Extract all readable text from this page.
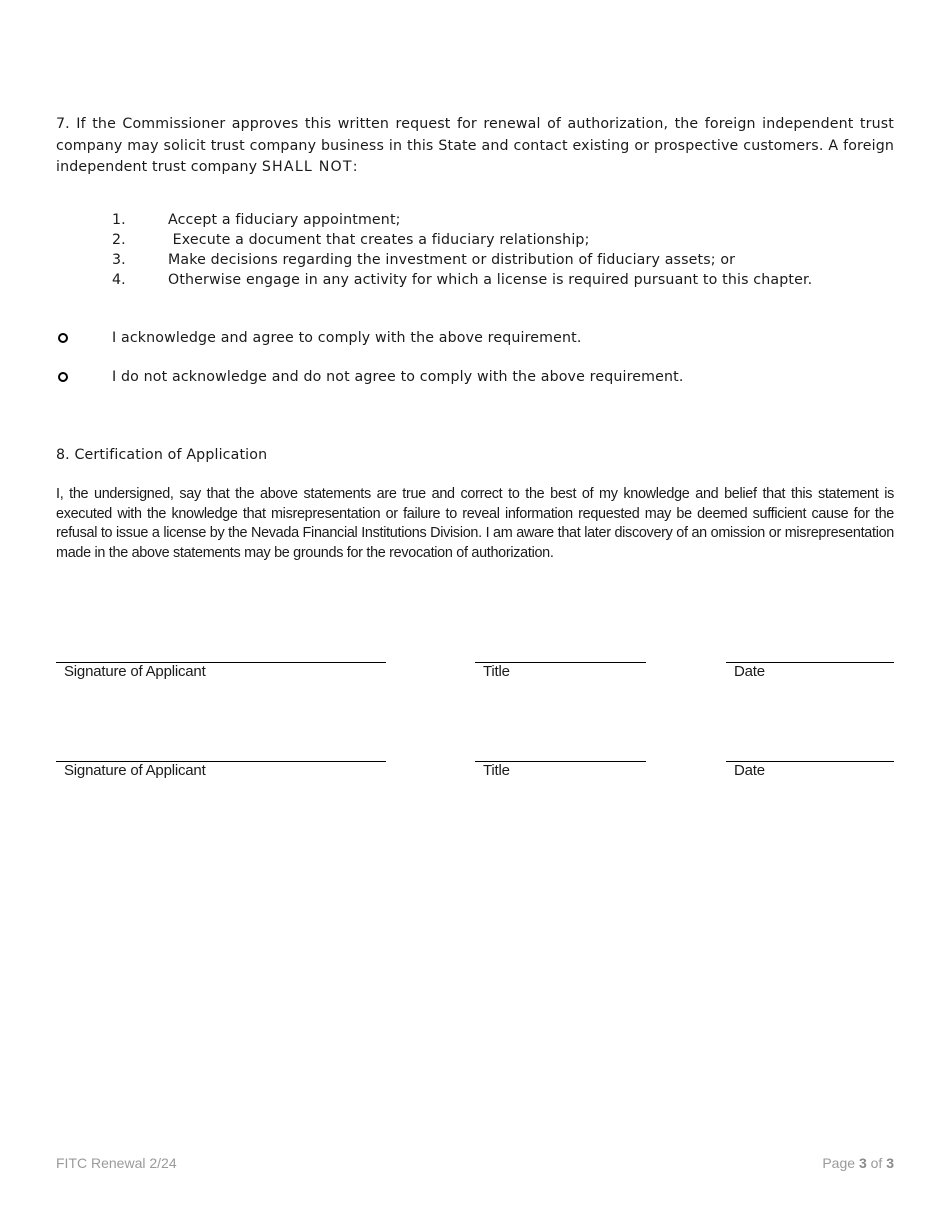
7. If the Commissioner approves this written request for renewal of authorization, the foreign independent trust company may solicit trust company business in this State and contact existing or prospective customers. A foreign independent trust company SHALL NOT:
1.	Accept a fiduciary appointment;
2.	Execute a document that creates a fiduciary relationship;
3.	Make decisions regarding the investment or distribution of fiduciary assets; or
4.	Otherwise engage in any activity for which a license is required pursuant to this chapter.
I acknowledge and agree to comply with the above requirement.
I do not acknowledge and do not agree to comply with the above requirement.
8. Certification of Application
I, the undersigned, say that the above statements are true and correct to the best of my knowledge and belief that this statement is executed with the knowledge that misrepresentation or failure to reveal information requested may be deemed sufficient cause for the refusal to issue a license by the Nevada Financial Institutions Division. I am aware that later discovery of an omission or misrepresentation made in the above statements may be grounds for the revocation of authorization.
Signature of Applicant	Title	Date
Signature of Applicant	Title	Date
FITC Renewal 2/24	Page 3 of 3
